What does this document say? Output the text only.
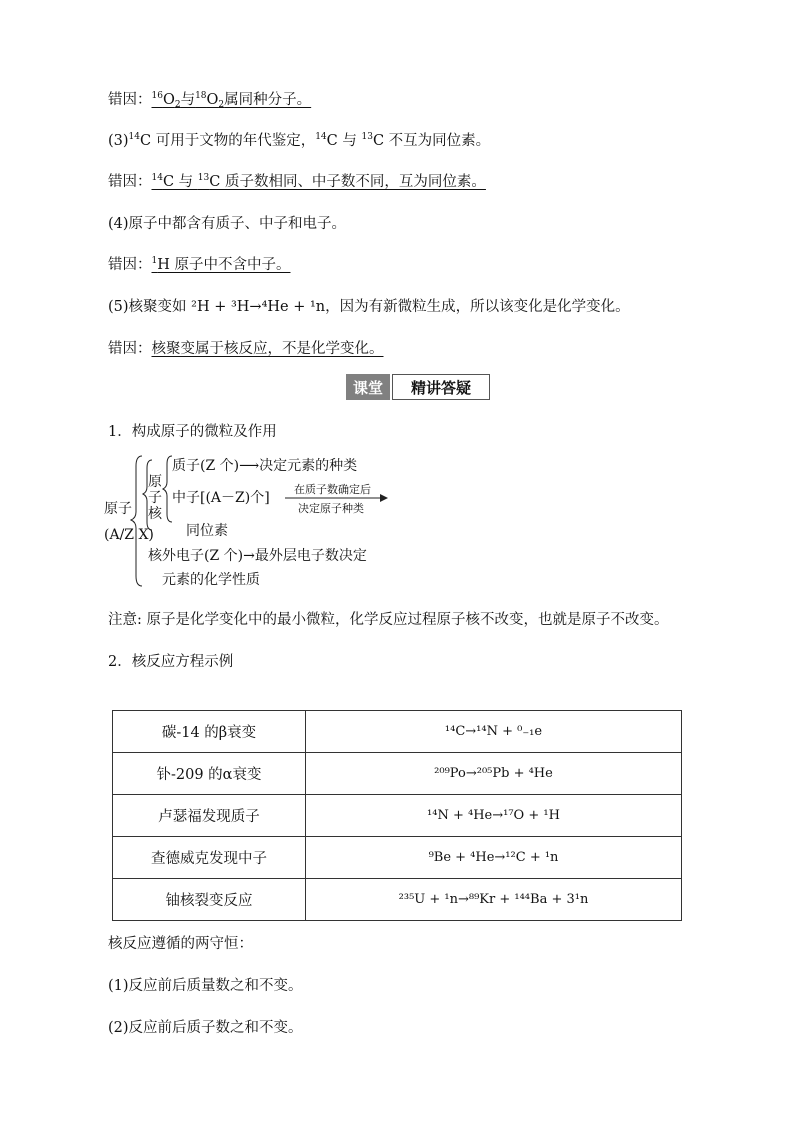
错因：$^{16}O_2$与$^{18}O_2$属同种分子。
$(3)^{14}C$ 可用于文物的年代鉴定，$^{14}$C 与 $^{13}$C 不互为同位素。
错因：$^{14}$C 与 $^{13}$C 质子数相同、中子数不同，互为同位素。
(4)原子中都含有质子、中子和电子。
错因：$^1$H 原子中不含中子。
(5)核聚变如 ²H + ³H→⁴He + ¹n，因为有新微粒生成，所以该变化是化学变化。
错因：核聚变属于核反应，不是化学变化。
课堂	精讲答疑
1．构成原子的微粒及作用
原子
(A/Z X)
原子核
质子(Z 个)⟶决定元素的种类
中子[(A－Z)个]
在质子数确定后
决定原子种类
同位素
核外电子(Z 个)→最外层电子数决定
元素的化学性质
注意: 原子是化学变化中的最小微粒，化学反应过程原子核不改变，也就是原子不改变。
2．核反应方程示例
碳-14 的β衰变	¹⁴C→¹⁴N + ⁰₋₁e
钋-209 的α衰变	²⁰⁹Po→²⁰⁵Pb + ⁴He
卢瑟福发现质子	¹⁴N + ⁴He→¹⁷O + ¹H
查德威克发现中子	⁹Be + ⁴He→¹²C + ¹n
铀核裂变反应	²³⁵U + ¹n→⁸⁹Kr + ¹⁴⁴Ba + 3¹n
核反应遵循的两守恒：
(1)反应前后质量数之和不变。
(2)反应前后质子数之和不变。
